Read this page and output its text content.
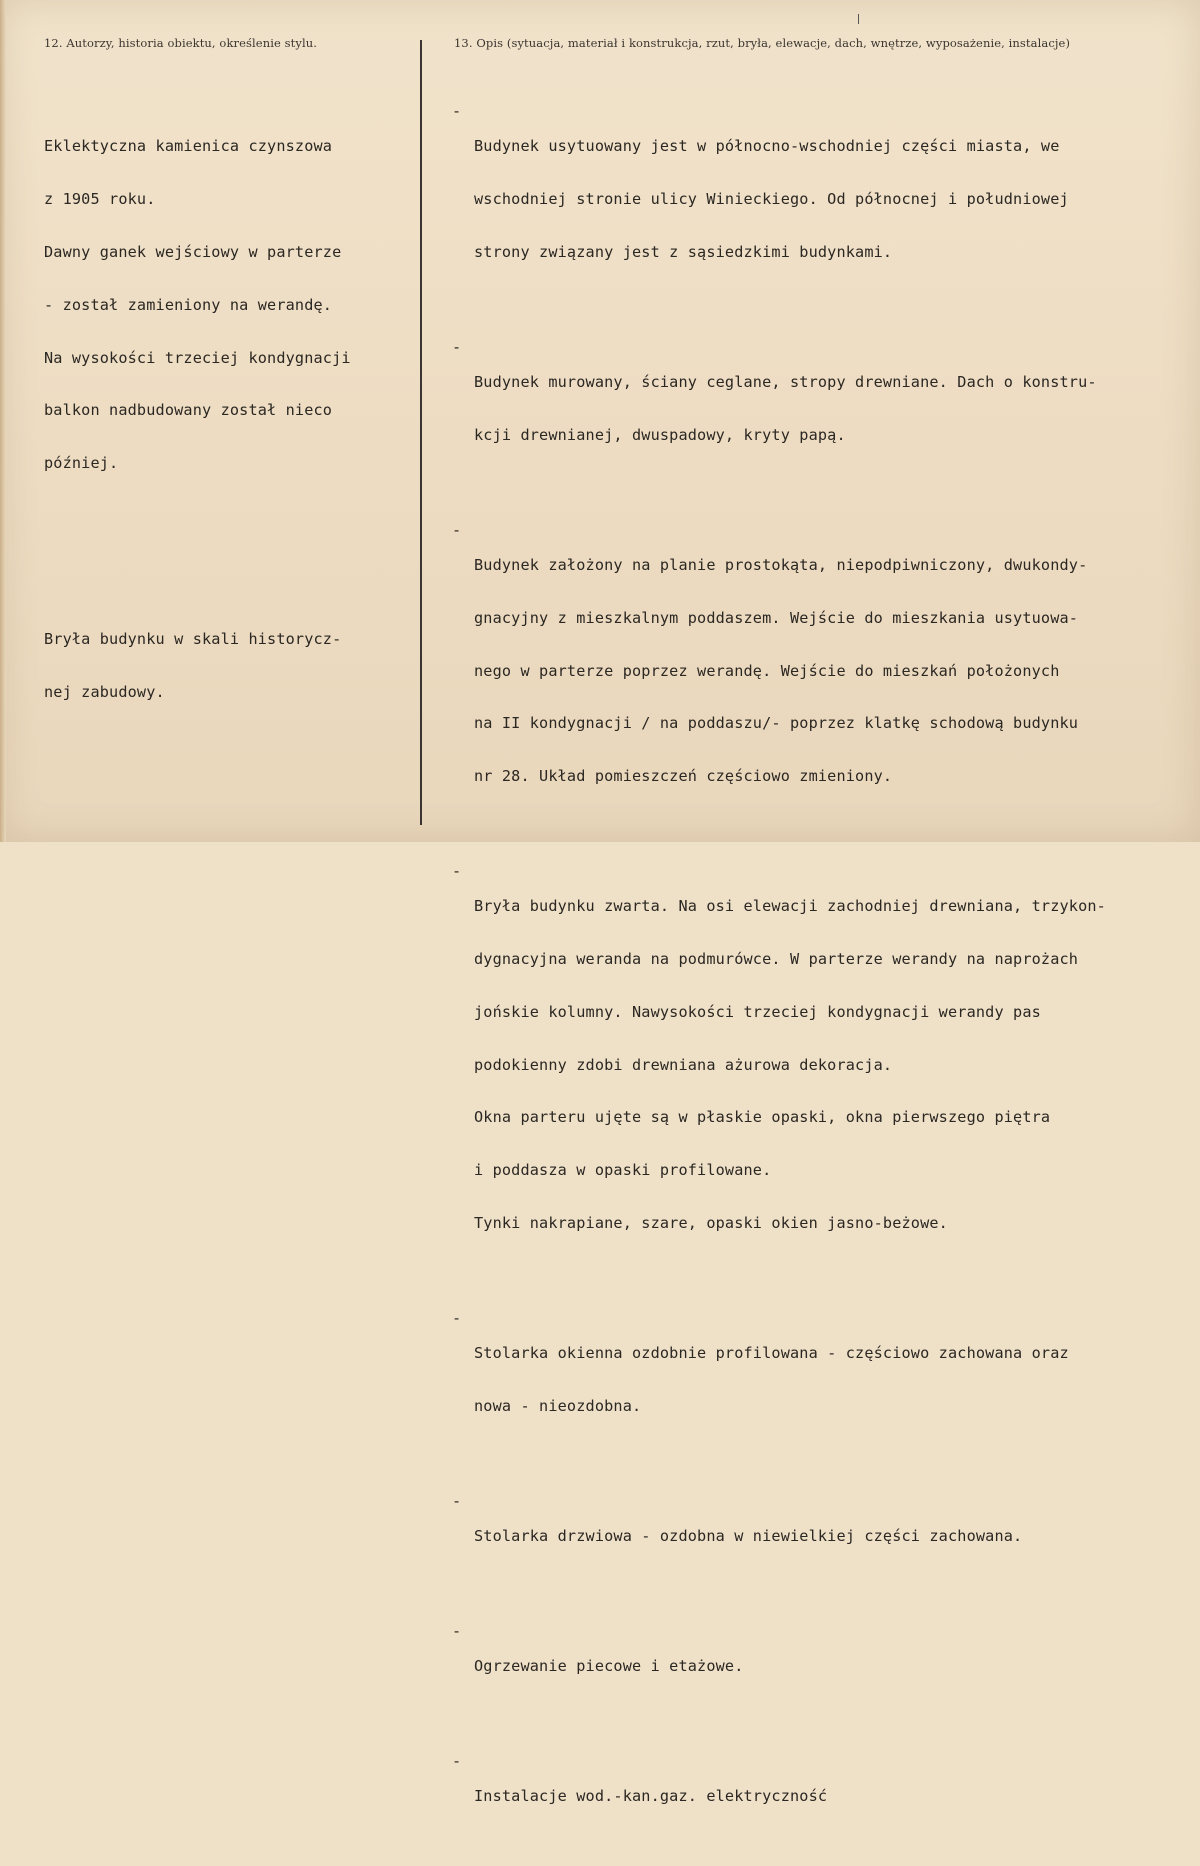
12. Autorzy, historia obiektu, określenie stylu.	13. Opis (sytuacja, materiał i konstrukcja, rzut, bryła, elewacje, dach, wnętrze, wyposażenie, instalacje)

Eklektyczna kamienica czynszowa

z 1905 roku.

Dawny ganek wejściowy w parterze

- został zamieniony na werandę.

Na wysokości trzeciej kondygnacji

balkon nadbudowany został nieco

później.

Bryła budynku w skali historycz-

nej zabudowy.

-

Budynek usytuowany jest w północno-wschodniej części miasta, we

wschodniej stronie ulicy Winieckiego. Od północnej i południowej

strony związany jest z sąsiedzkimi budynkami.

-

Budynek murowany, ściany ceglane, stropy drewniane. Dach o konstru-

kcji drewnianej, dwuspadowy, kryty papą.

-

Budynek założony na planie prostokąta, niepodpiwniczony, dwukondy-

gnacyjny z mieszkalnym poddaszem. Wejście do mieszkania usytuowa-

nego w parterze poprzez werandę. Wejście do mieszkań położonych

na II kondygnacji / na poddaszu/- poprzez klatkę schodową budynku

nr 28. Układ pomieszczeń częściowo zmieniony.

-

Bryła budynku zwarta. Na osi elewacji zachodniej drewniana, trzykon-

dygnacyjna weranda na podmurówce. W parterze werandy na naprożach

jońskie kolumny. Nawysokości trzeciej kondygnacji werandy pas

podokienny zdobi drewniana ażurowa dekoracja.

Okna parteru ujęte są w płaskie opaski, okna pierwszego piętra

i poddasza w opaski profilowane.

Tynki nakrapiane, szare, opaski okien jasno-beżowe.

-

Stolarka okienna ozdobnie profilowana - częściowo zachowana oraz

nowa - nieozdobna.

-

Stolarka drzwiowa - ozdobna w niewielkiej części zachowana.

-

Ogrzewanie piecowe i etażowe.

-

Instalacje wod.-kan.gaz. elektryczność
